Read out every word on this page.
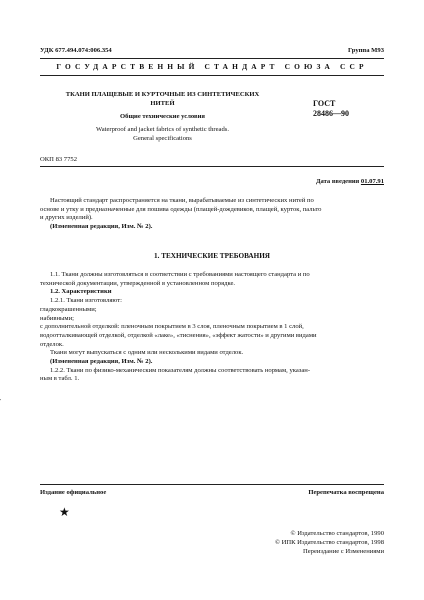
УДК 677.494.074:006.354	Группа М93
ГОСУДАРСТВЕННЫЙ СТАНДАРТ СОЮЗА ССР
ТКАНИ ПЛАЩЕВЫЕ И КУРТОЧНЫЕ ИЗ СИНТЕТИЧЕСКИХ
НИТЕЙ
Общие технические условия
Waterproof and jacket fabrics of synthetic threads.
General specifications
ГОСТ
28486—90
ОКП 83 7752
Дата введения 01.07.91
Настоящий стандарт распространяется на ткани, вырабатываемые из синтетических нитей по
основе и утку и предназначенные для пошива одежды (плащей-дождевиков, плащей, курток, пальто
и других изделий).
(Измененная редакция, Изм. № 2).
1. ТЕХНИЧЕСКИЕ ТРЕБОВАНИЯ
1.1. Ткани должны изготовляться в соответствии с требованиями настоящего стандарта и по
технической документации, утвержденной в установленном порядке.
1.2. Характеристики
1.2.1. Ткани изготовляют:
гладкокрашенными;
набивными;
с дополнительной отделкой: пленочным покрытием в 3 слоя, пленочным покрытием в 1 слой,
водоотталкивающей отделкой, отделкой «лаке», «тиснения», «эффект жатости» и другими видами
отделок.
Ткани могут выпускаться с одним или несколькими видами отделок.
(Измененная редакция, Изм. № 2).
1.2.2. Ткани по физико-механическим показателям должны соответствовать нормам, указан-
ным в табл. 1.
Издание официальное	Перепечатка воспрещена
★
© Издательство стандартов, 1990
© ИПК Издательство стандартов, 1998
Переиздание с Изменениями
